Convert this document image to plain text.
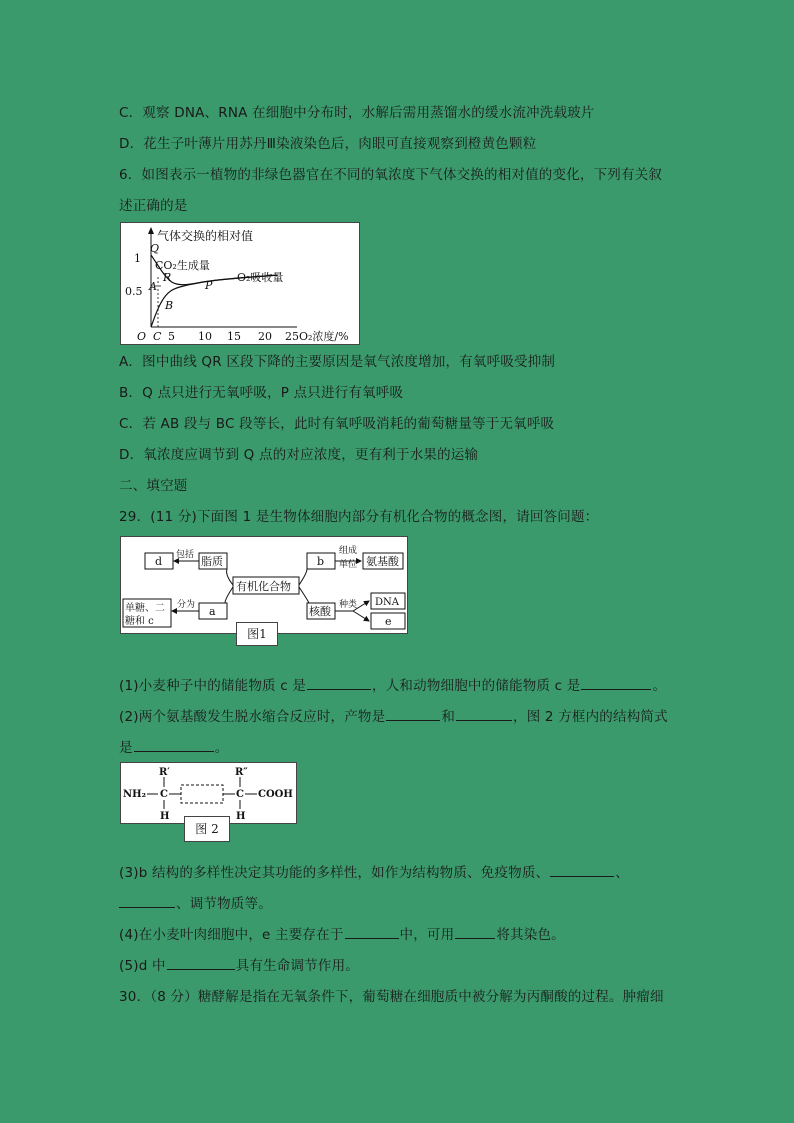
C．观察 DNA、RNA 在细胞中分布时，水解后需用蒸馏水的缓水流冲洗载玻片
D．花生子叶薄片用苏丹Ⅲ染液染色后，肉眼可直接观察到橙黄色颗粒
6．如图表示一植物的非绿色器官在不同的氧浓度下气体交换的相对值的变化，下列有关叙
述正确的是
气体交换的相对值
1
0.5
O C 5 10 15 20 25 O₂浓度/%
Q
CO₂生成量
R
A
B
P
O₂吸收量
A．图中曲线 QR 区段下降的主要原因是氧气浓度增加，有氧呼吸受抑制
B．Q 点只进行无氧呼吸，P 点只进行有氧呼吸
C．若 AB 段与 BC 段等长，此时有氧呼吸消耗的葡萄糖量等于无氧呼吸
D．氧浓度应调节到 Q 点的对应浓度，更有利于水果的运输
二、填空题
29．(11 分)下面图 1 是生物体细胞内部分有机化合物的概念图，请回答问题：
d 包括 脂质
有机化合物
b
组成
单位 氨基酸
单糖、二
糖和 c
分为 a	核酸 种类 DNA
e
图1
(1)小麦种子中的储能物质 c 是	，人和动物细胞中的储能物质 c 是	。
(2)两个氨基酸发生脱水缩合反应时，产物是	和	，图 2 方框内的结构简式
是	。
R′	R″
NH₂ C	C COOH
H	H
图 2
(3)b 结构的多样性决定其功能的多样性，如作为结构物质、免疫物质、	、
、调节物质等。
(4)在小麦叶肉细胞中，e 主要存在于	中，可用	将其染色。
(5)d 中	具有生命调节作用。
30．（8 分）糖酵解是指在无氧条件下，葡萄糖在细胞质中被分解为丙酮酸的过程。肿瘤细
